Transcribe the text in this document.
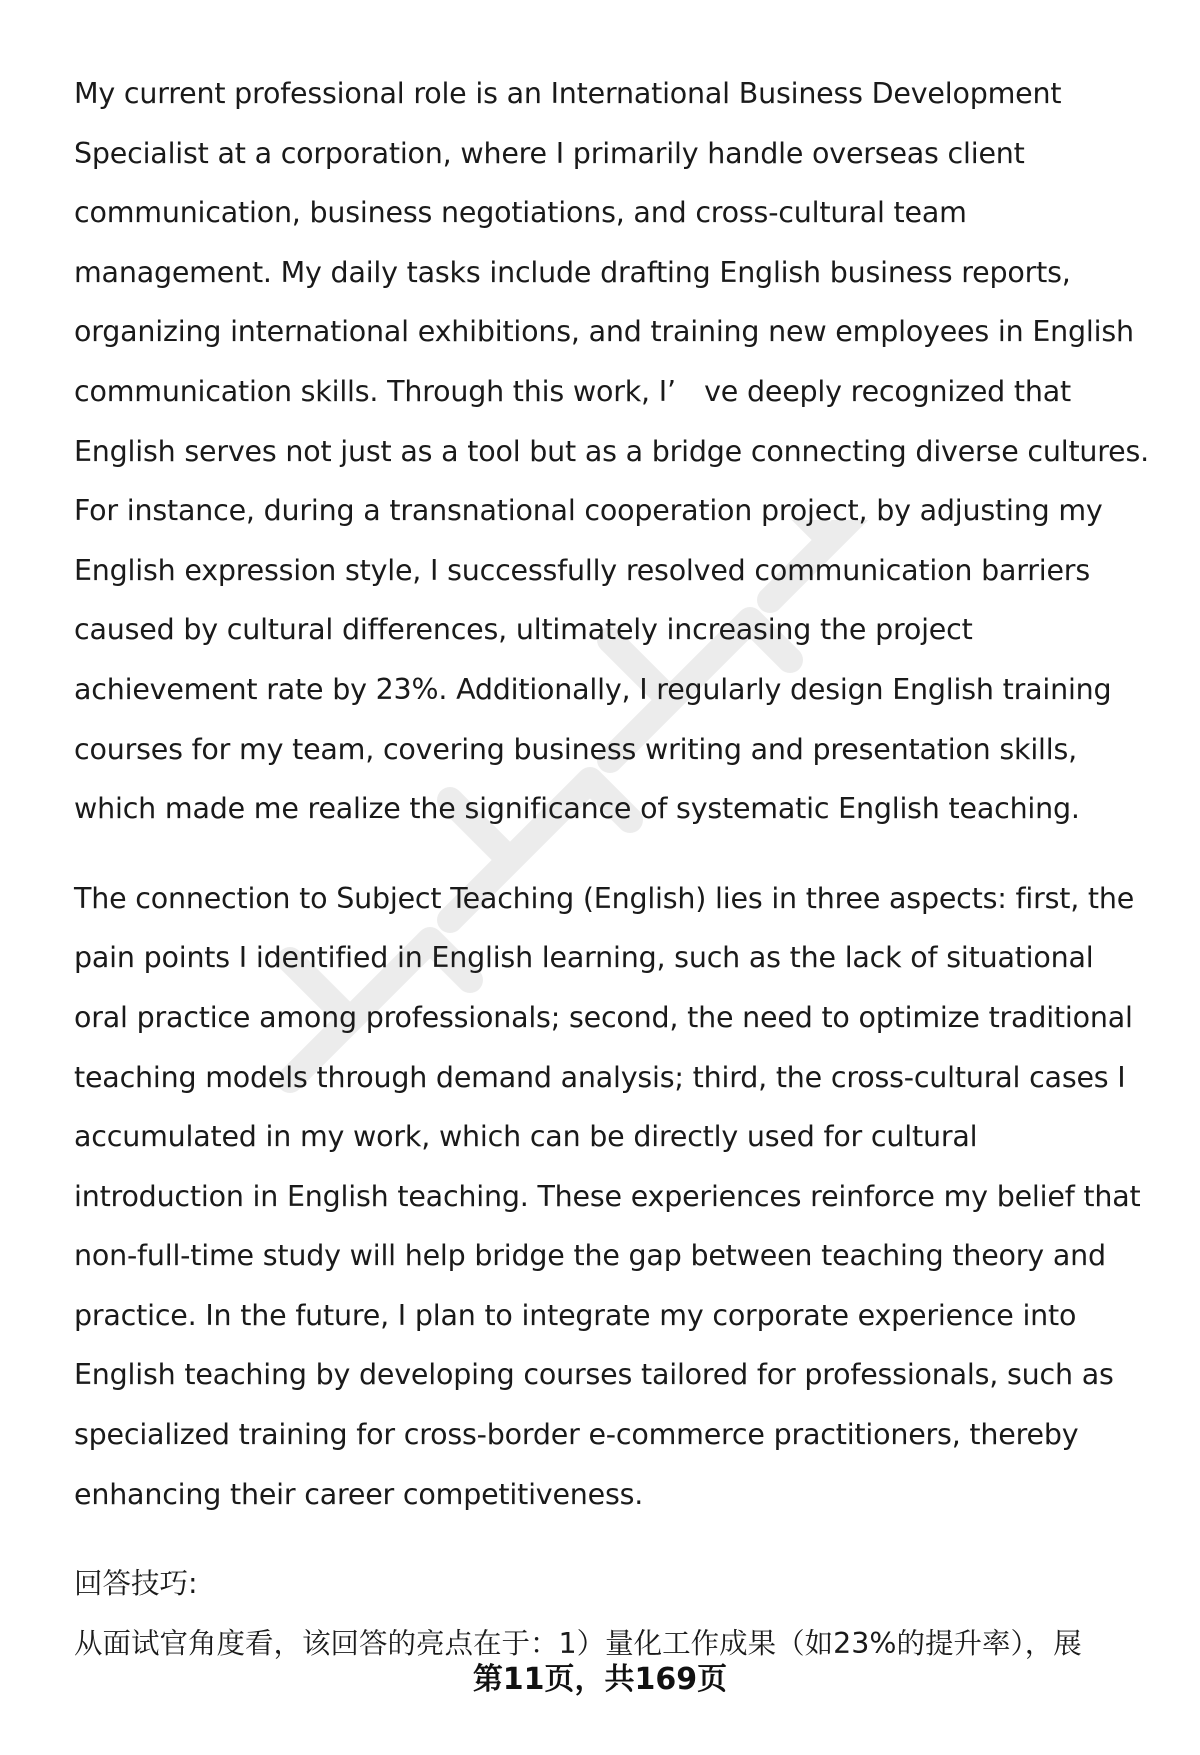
My current professional role is an International Business Development Specialist at a corporation, where I primarily handle overseas client communication, business negotiations, and cross-cultural team management. My daily tasks include drafting English business reports, organizing international exhibitions, and training new employees in English communication skills. Through this work, I’　ve deeply recognized that English serves not just as a tool but as a bridge connecting diverse cultures. For instance, during a transnational cooperation project, by adjusting my English expression style, I successfully resolved communication barriers caused by cultural differences, ultimately increasing the project achievement rate by 23%. Additionally, I regularly design English training courses for my team, covering business writing and presentation skills, which made me realize the significance of systematic English teaching.

The connection to Subject Teaching (English) lies in three aspects: first, the pain points I identified in English learning, such as the lack of situational oral practice among professionals; second, the need to optimize traditional teaching models through demand analysis; third, the cross-cultural cases I accumulated in my work, which can be directly used for cultural introduction in English teaching. These experiences reinforce my belief that non-full-time study will help bridge the gap between teaching theory and practice. In the future, I plan to integrate my corporate experience into English teaching by developing courses tailored for professionals, such as specialized training for cross-border e-commerce practitioners, thereby enhancing their career competitiveness.

回答技巧:

从面试官角度看，该回答的亮点在于：1）量化工作成果（如23%的提升率），展

第11页，共169页
